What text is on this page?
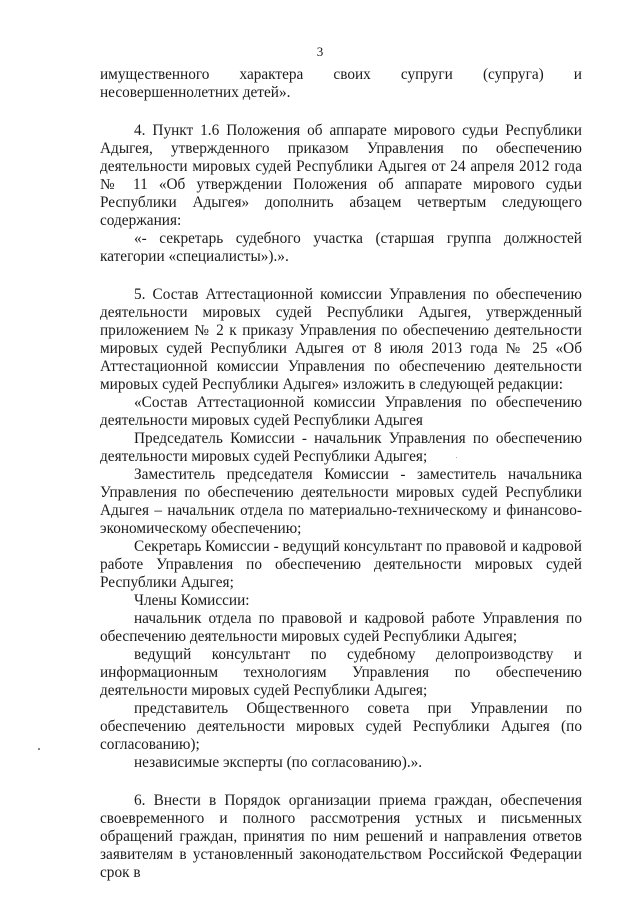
3

имущественного характера своих супруги (супруга) и несовершеннолетних детей».

4. Пункт 1.6 Положения об аппарате мирового судьи Республики Адыгея, утвержденного приказом Управления по обеспечению деятельности мировых судей Республики Адыгея от 24 апреля 2012 года № 11 «Об утверждении Положения об аппарате мирового судьи Республики Адыгея» дополнить абзацем четвертым следующего содержания:

«- секретарь судебного участка (старшая группа должностей категории «специалисты»).».

5. Состав Аттестационной комиссии Управления по обеспечению деятельности мировых судей Республики Адыгея, утвержденный приложением № 2 к приказу Управления по обеспечению деятельности мировых судей Республики Адыгея от 8 июля 2013 года № 25 «Об Аттестационной комиссии Управления по обеспечению деятельности мировых судей Республики Адыгея» изложить в следующей редакции:

«Состав Аттестационной комиссии Управления по обеспечению деятельности мировых судей Республики Адыгея

Председатель Комиссии - начальник Управления по обеспечению деятельности мировых судей Республики Адыгея;

Заместитель председателя Комиссии - заместитель начальника Управления по обеспечению деятельности мировых судей Республики Адыгея – начальник отдела по материально-техническому и финансово-экономическому обеспечению;

Секретарь Комиссии - ведущий консультант по правовой и кадровой работе Управления по обеспечению деятельности мировых судей Республики Адыгея;

Члены Комиссии:

начальник отдела по правовой и кадровой работе Управления по обеспечению деятельности мировых судей Республики Адыгея;

ведущий консультант по судебному делопроизводству и информационным технологиям Управления по обеспечению деятельности мировых судей Республики Адыгея;

представитель Общественного совета при Управлении по обеспечению деятельности мировых судей Республики Адыгея (по согласованию);

независимые эксперты (по согласованию).».

6. Внести в Порядок организации приема граждан, обеспечения своевременного и полного рассмотрения устных и письменных обращений граждан, принятия по ним решений и направления ответов заявителям в установленный законодательством Российской Федерации срок в
